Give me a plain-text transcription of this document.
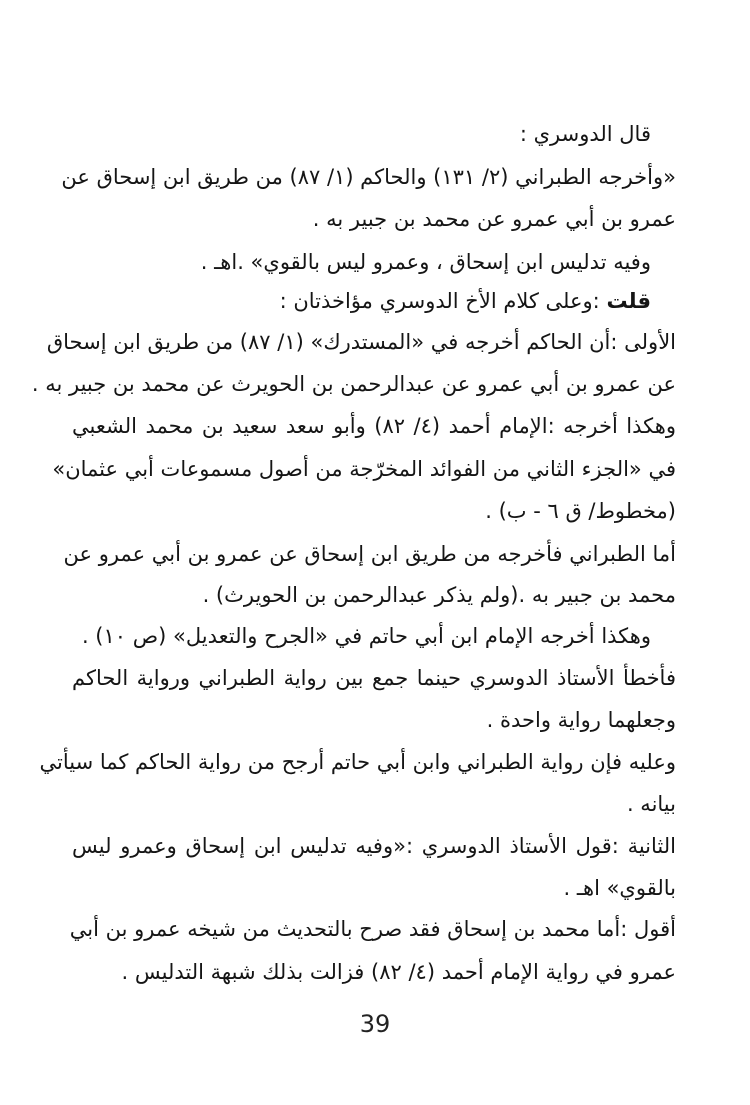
قال الدوسري :
«وأخرجه الطبراني (٢/ ١٣١) والحاكم (١/ ٨٧) من طريق ابن إسحاق عن
عمرو بن أبي عمرو عن محمد بن جبير به .
وفيه تدليس ابن إسحاق ، وعمرو ليس بالقوي» .اهـ .
قلت :وعلى كلام الأخ الدوسري مؤاخذتان :
الأولى :أن الحاكم أخرجه في «المستدرك» (١/ ٨٧) من طريق ابن إسحاق
عن عمرو بن أبي عمرو عن عبدالرحمن بن الحويرث عن محمد بن جبير به .
وهكذا أخرجه :الإمام أحمد (٤/ ٨٢) وأبو سعد سعيد بن محمد الشعبي
في «الجزء الثاني من الفوائد المخرّجة من أصول مسموعات أبي عثمان»
(مخطوط/ ق ٦ - ب) .
أما الطبراني فأخرجه من طريق ابن إسحاق عن عمرو بن أبي عمرو عن
محمد بن جبير به .(ولم يذكر عبدالرحمن بن الحويرث) .
وهكذا أخرجه الإمام ابن أبي حاتم في «الجرح والتعديل» (ص ١٠) .
فأخطأ الأستاذ الدوسري حينما جمع بين رواية الطبراني ورواية الحاكم
وجعلهما رواية واحدة .
وعليه فإن رواية الطبراني وابن أبي حاتم أرجح من رواية الحاكم كما سيأتي
بيانه .
الثانية :قول الأستاذ الدوسري :«وفيه تدليس ابن إسحاق وعمرو ليس
بالقوي» اهـ .
أقول :أما محمد بن إسحاق فقد صرح بالتحديث من شيخه عمرو بن أبي
عمرو في رواية الإمام أحمد (٤/ ٨٢) فزالت بذلك شبهة التدليس .
39
